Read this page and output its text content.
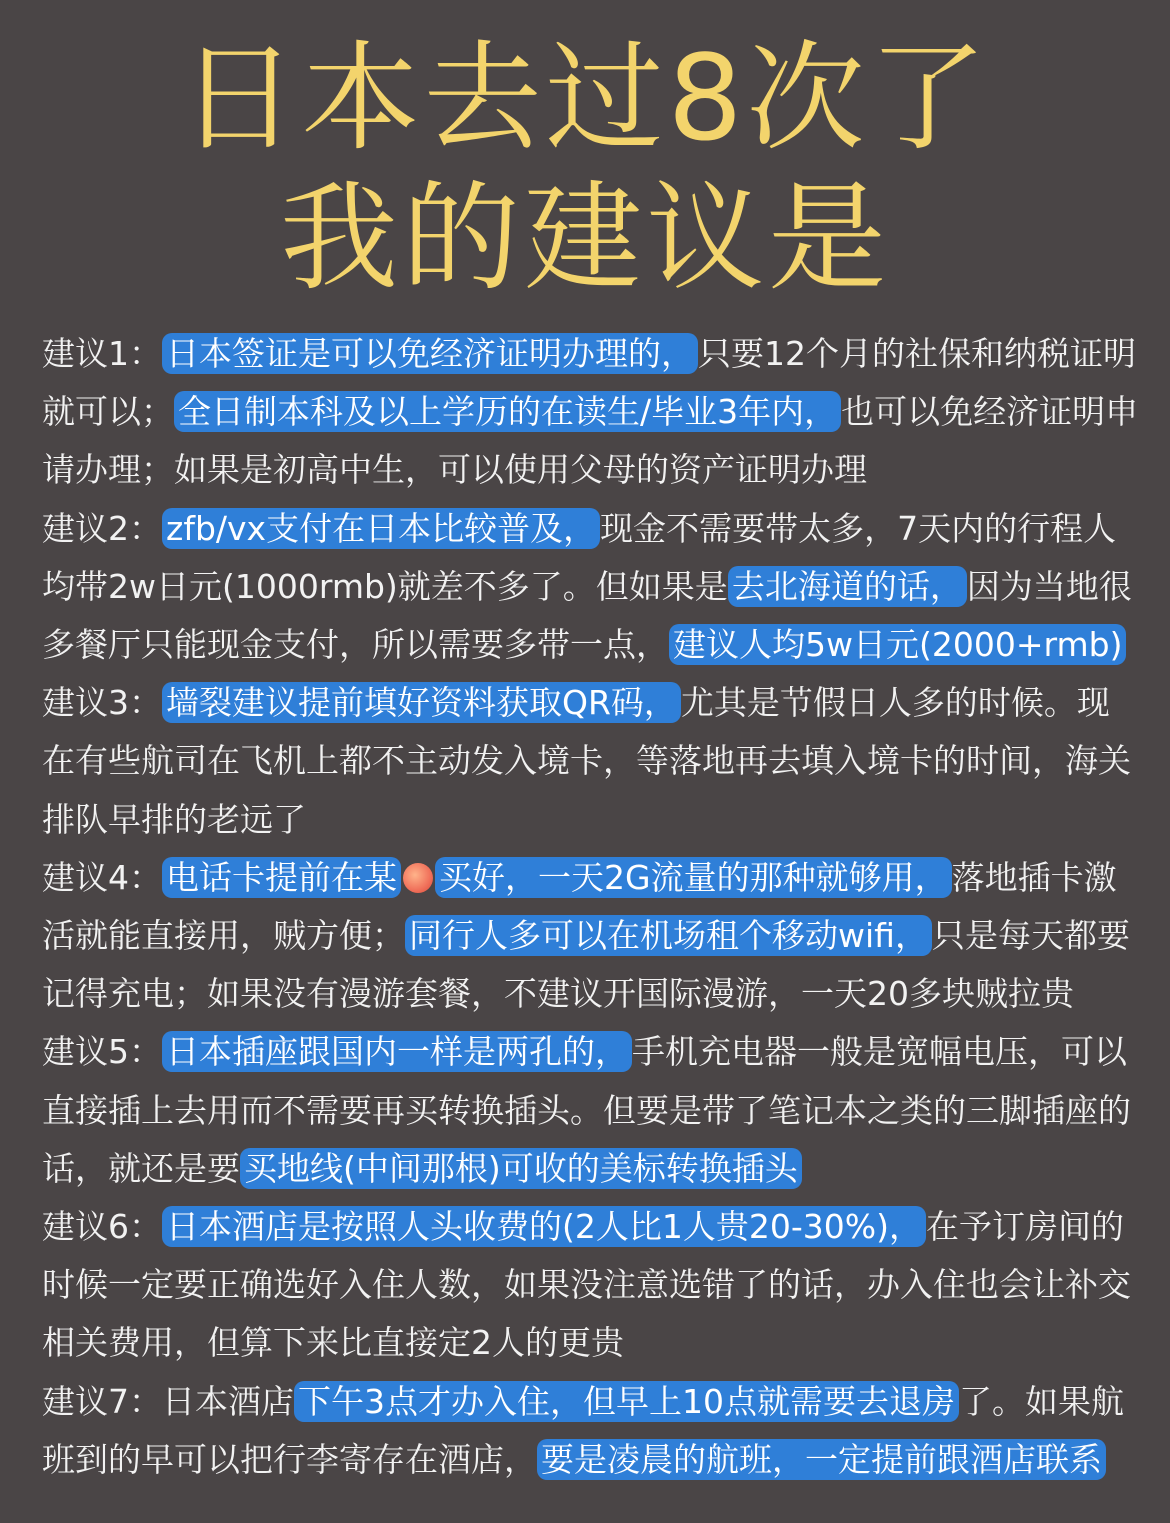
日本去过8次了
我的建议是

建议1： 日本签证是可以免经济证明办理的， 只要12个月的社保和纳税证明就可以； 全日制本科及以上学历的在读生/毕业3年内， 也可以免经济证明申请办理；如果是初高中生，可以使用父母的资产证明办理

建议2： zfb/vx支付在日本比较普及， 现金不需要带太多，7天内的行程人均带2w日元(1000rmb)就差不多了。但如果是 去北海道的话， 因为当地很多餐厅只能现金支付，所以需要多带一点， 建议人均5w日元(2000+rmb)

建议3： 墙裂建议提前填好资料获取QR码， 尤其是节假日人多的时候。现在有些航司在飞机上都不主动发入境卡，等落地再去填入境卡的时间，海关排队早排的老远了

建议4： 电话卡提前在某 买好，一天2G流量的那种就够用， 落地插卡激活就能直接用，贼方便； 同行人多可以在机场租个移动wifi， 只是每天都要记得充电；如果没有漫游套餐，不建议开国际漫游，一天20多块贼拉贵

建议5： 日本插座跟国内一样是两孔的， 手机充电器一般是宽幅电压，可以直接插上去用而不需要再买转换插头。但要是带了笔记本之类的三脚插座的话，就还是要 买地线(中间那根)可收的美标转换插头

建议6： 日本酒店是按照人头收费的(2人比1人贵20-30%)， 在予订房间的时候一定要正确选好入住人数，如果没注意选错了的话，办入住也会让补交相关费用，但算下来比直接定2人的更贵

建议7：日本酒店 下午3点才办入住，但早上10点就需要去退房 了。如果航班到的早可以把行李寄存在酒店， 要是凌晨的航班，一定提前跟酒店联系
